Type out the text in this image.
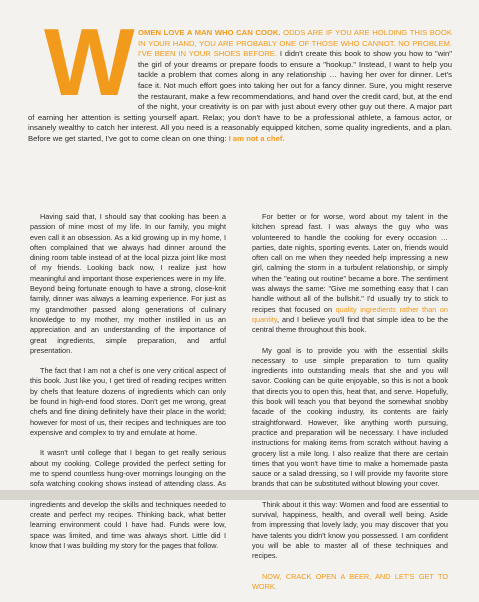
W OMEN LOVE A MAN WHO CAN COOK. ODDS ARE IF YOU ARE HOLDING THIS BOOK IN YOUR HAND, YOU ARE PROBABLY ONE OF THOSE WHO CANNOT. NO PROBLEM. I'VE BEEN IN YOUR SHOES BEFORE. I didn't create this book to show you how to "win" the girl of your dreams or prepare foods to ensure a "hookup." Instead, I want to help you tackle a problem that comes along in any relationship … having her over for dinner. Let's face it. Not much effort goes into taking her out for a fancy dinner. Sure, you might reserve the restaurant, make a few recommendations, and hand over the credit card, but, at the end of the night, your creativity is on par with just about every other guy out there. A major part of earning her attention is setting yourself apart. Relax; you don't have to be a professional athlete, a famous actor, or insanely wealthy to catch her interest. All you need is a reasonably equipped kitchen, some quality ingredients, and a plan. Before we get started, I've got to come clean on one thing: I am not a chef.

Having said that, I should say that cooking has been a passion of mine most of my life. In our family, you might even call it an obsession. As a kid growing up in my home, I often complained that we always had dinner around the dining room table instead of at the local pizza joint like most of my friends. Looking back now, I realize just how meaningful and important those experiences were in my life. Beyond being fortunate enough to have a strong, close-knit family, dinner was always a learning experience. For just as my grandmother passed along generations of culinary knowledge to my mother, my mother instilled in us an appreciation and an understanding of the importance of great ingredients, simple preparation, and artful presentation.

The fact that I am not a chef is one very critical aspect of this book. Just like you, I get tired of reading recipes written by chefs that feature dozens of ingredients which can only be found in high-end food stores. Don't get me wrong, great chefs and fine dining definitely have their place in the world; however for most of us, their recipes and techniques are too expensive and complex to try and emulate at home.

It wasn't until college that I began to get really serious about my cooking. College provided the perfect setting for me to spend countless hung-over mornings lounging on the sofa watching cooking shows instead of attending class. As ingredients and develop the skills and techniques needed to create and perfect my recipes. Thinking back, what better learning environment could I have had. Funds were low, space was limited, and time was always short. Little did I know that I was building my story for the pages that follow.

For better or for worse, word about my talent in the kitchen spread fast. I was always the guy who was volunteered to handle the cooking for every occasion … parties, date nights, sporting events. Later on, friends would often call on me when they needed help impressing a new girl, calming the storm in a turbulent relationship, or simply when the "eating out routine" became a bore. The sentiment was always the same: "Give me something easy that I can handle without all of the bullshit." I'd usually try to stick to recipes that focused on quality ingredients rather than on quantity, and I believe you'll find that simple idea to be the central theme throughout this book.

My goal is to provide you with the essential skills necessary to use simple preparation to turn quality ingredients into outstanding meals that she and you will savor. Cooking can be quite enjoyable, so this is not a book that directs you to open this, heat that, and serve. Hopefully, this book will teach you that beyond the somewhat snobby facade of the cooking industry, its contents are fairly straightforward. However, like anything worth pursuing, practice and preparation will be necessary. I have included instructions for making items from scratch without having a grocery list a mile long. I also realize that there are certain times that you won't have time to make a homemade pasta sauce or a salad dressing, so I will provide my favorite store brands that can be substituted without blowing your cover.

Think about it this way: Women and food are essential to survival, happiness, health, and overall well being. Aside from impressing that lovely lady, you may discover that you have talents you didn't know you possessed. I am confident you will be able to master all of these techniques and recipes.

NOW, CRACK OPEN A BEER, AND LET'S GET TO WORK.
